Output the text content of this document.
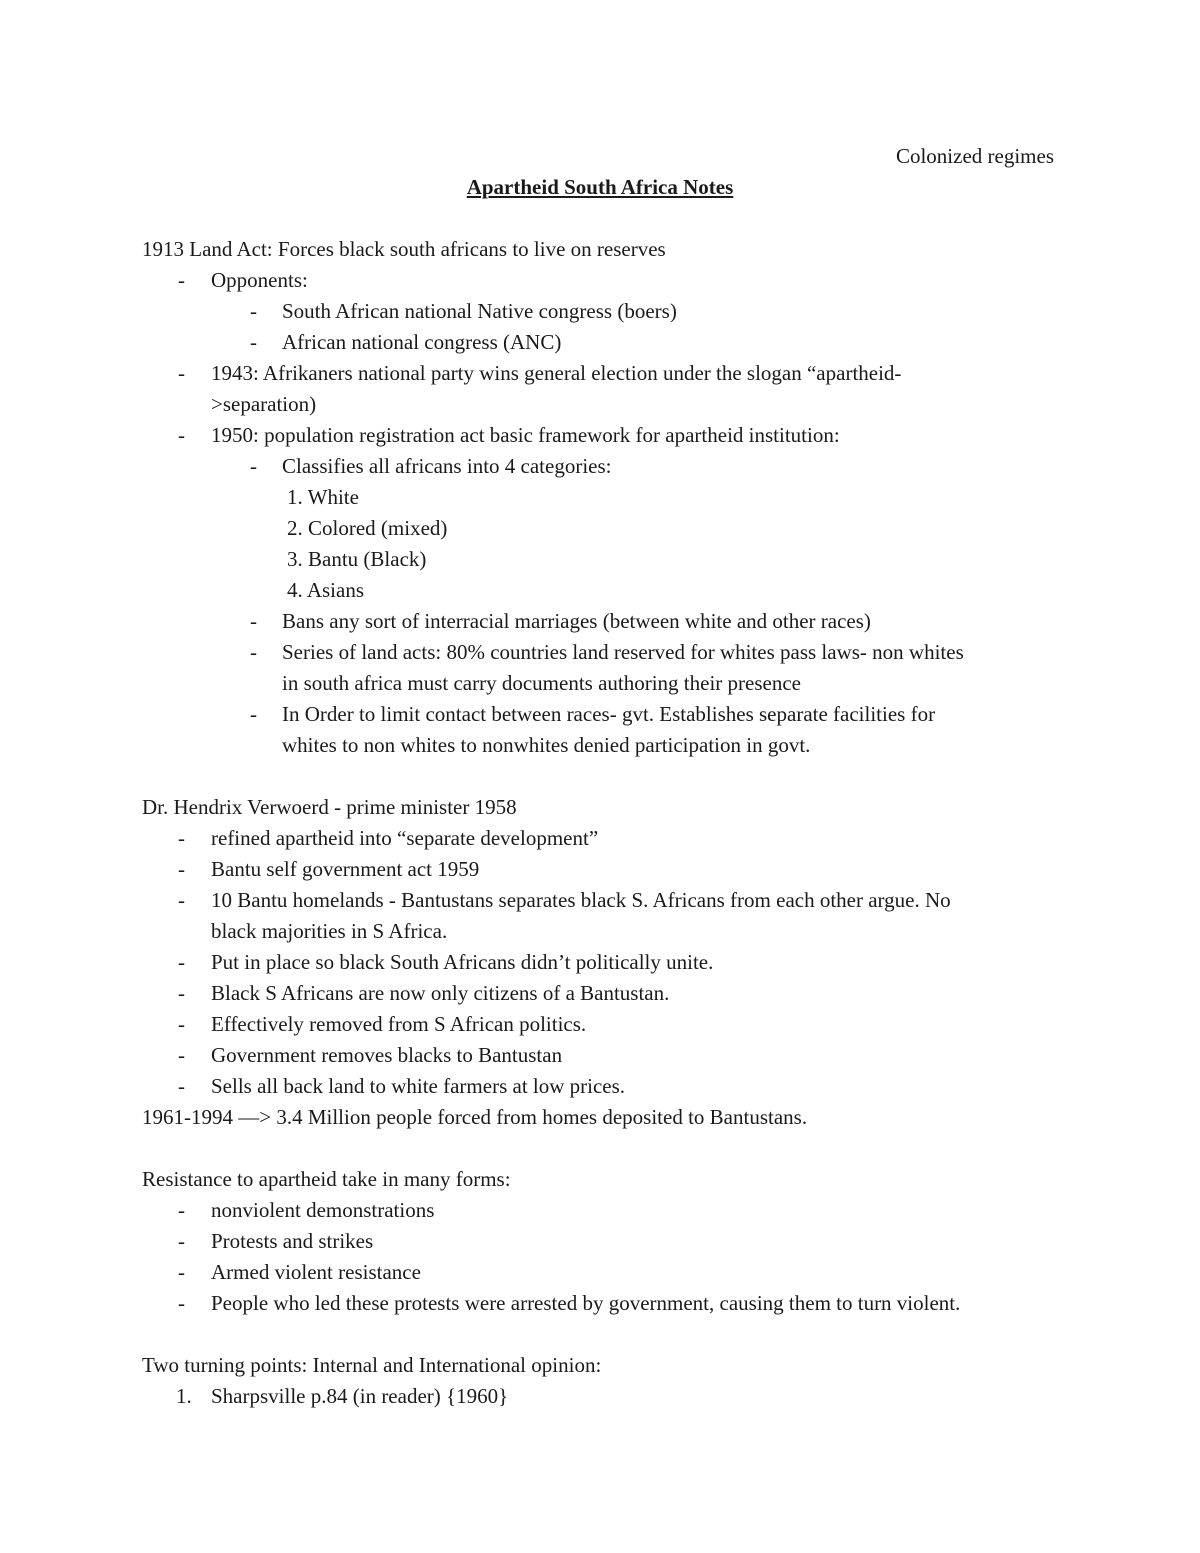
Colonized regimes
Apartheid South Africa Notes
1913 Land Act: Forces black south africans to live on reserves
- Opponents:
- South African national Native congress (boers)
- African national congress (ANC)
- 1943: Afrikaners national party wins general election under the slogan “apartheid-
>separation)
- 1950: population registration act basic framework for apartheid institution:
- Classifies all africans into 4 categories:
1. White
2. Colored (mixed)
3. Bantu (Black)
4. Asians
- Bans any sort of interracial marriages (between white and other races)
- Series of land acts: 80% countries land reserved for whites pass laws- non whites
in south africa must carry documents authoring their presence
- In Order to limit contact between races- gvt. Establishes separate facilities for
whites to non whites to nonwhites denied participation in govt.
Dr. Hendrix Verwoerd - prime minister 1958
- refined apartheid into “separate development”
- Bantu self government act 1959
- 10 Bantu homelands - Bantustans separates black S. Africans from each other argue. No
black majorities in S Africa.
- Put in place so black South Africans didn’t politically unite.
- Black S Africans are now only citizens of a Bantustan.
- Effectively removed from S African politics.
- Government removes blacks to Bantustan
- Sells all back land to white farmers at low prices.
1961-1994 —> 3.4 Million people forced from homes deposited to Bantustans.
Resistance to apartheid take in many forms:
- nonviolent demonstrations
- Protests and strikes
- Armed violent resistance
- People who led these protests were arrested by government, causing them to turn violent.
Two turning points: Internal and International opinion:
1. Sharpsville p.84 (in reader) {1960}
